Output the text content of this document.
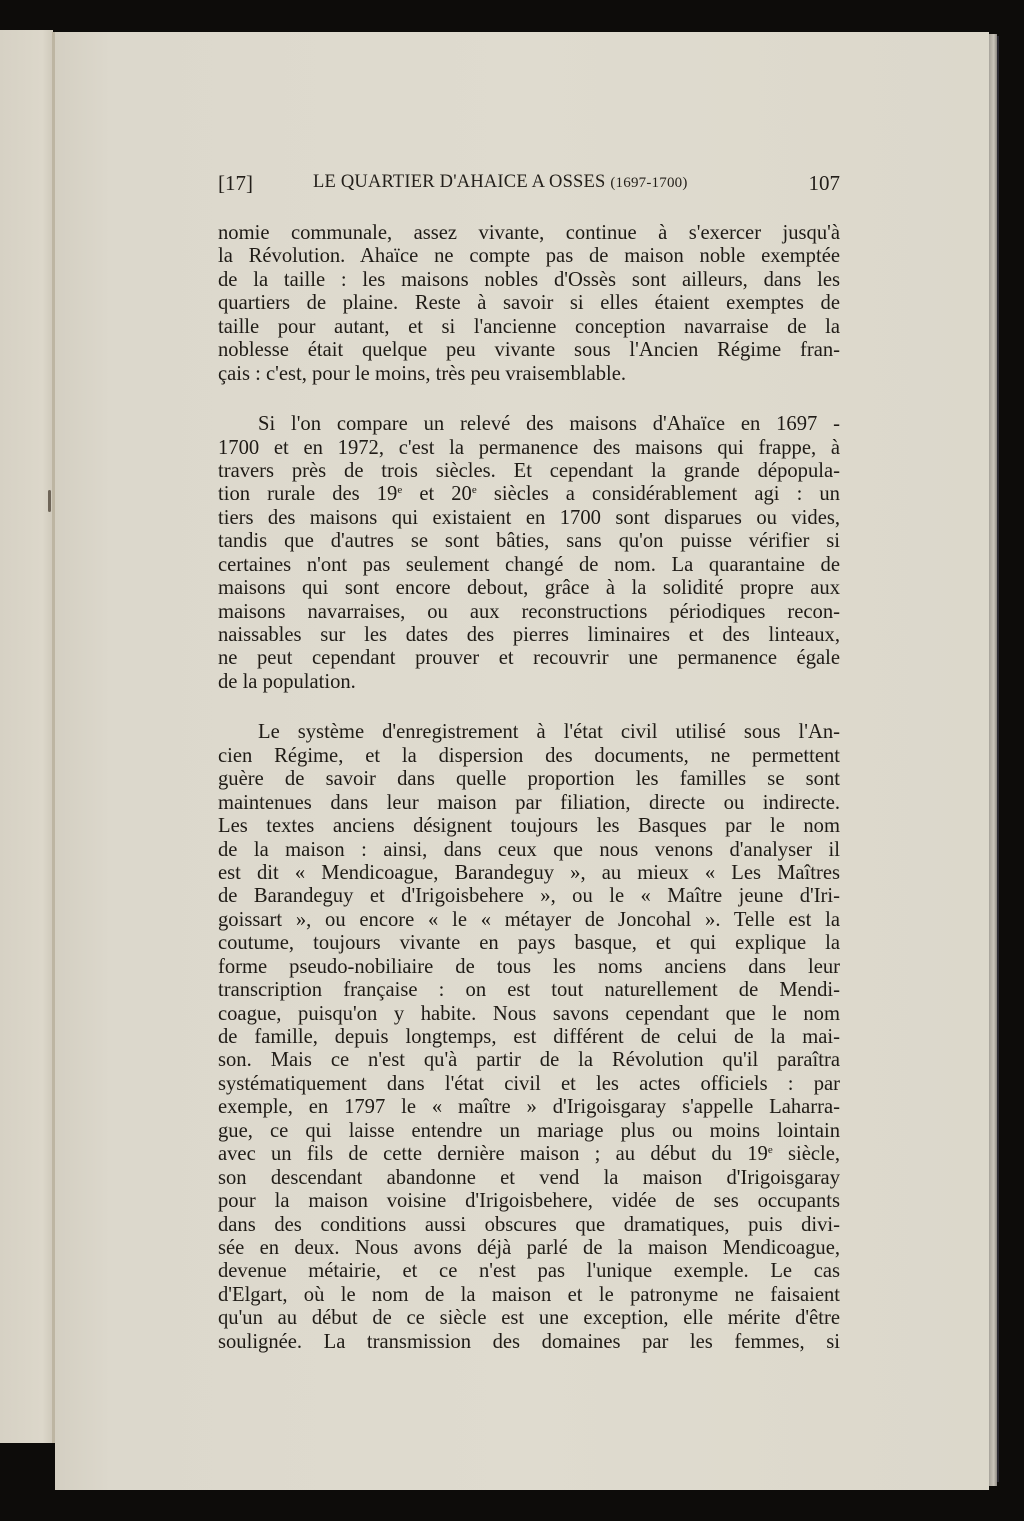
[17]	LE QUARTIER D'AHAICE A OSSES (1697-1700)	107
nomie communale, assez vivante, continue à s'exercer jusqu'à
la Révolution. Ahaïce ne compte pas de maison noble exemptée
de la taille : les maisons nobles d'Ossès sont ailleurs, dans les
quartiers de plaine. Reste à savoir si elles étaient exemptes de
taille pour autant, et si l'ancienne conception navarraise de la
noblesse était quelque peu vivante sous l'Ancien Régime fran-
çais : c'est, pour le moins, très peu vraisemblable.
Si l'on compare un relevé des maisons d'Ahaïce en 1697 -
1700 et en 1972, c'est la permanence des maisons qui frappe, à
travers près de trois siècles. Et cependant la grande dépopula-
tion rurale des 19e et 20e siècles a considérablement agi : un
tiers des maisons qui existaient en 1700 sont disparues ou vides,
tandis que d'autres se sont bâties, sans qu'on puisse vérifier si
certaines n'ont pas seulement changé de nom. La quarantaine de
maisons qui sont encore debout, grâce à la solidité propre aux
maisons navarraises, ou aux reconstructions périodiques recon-
naissables sur les dates des pierres liminaires et des linteaux,
ne peut cependant prouver et recouvrir une permanence égale
de la population.
Le système d'enregistrement à l'état civil utilisé sous l'An-
cien Régime, et la dispersion des documents, ne permettent
guère de savoir dans quelle proportion les familles se sont
maintenues dans leur maison par filiation, directe ou indirecte.
Les textes anciens désignent toujours les Basques par le nom
de la maison : ainsi, dans ceux que nous venons d'analyser il
est dit « Mendicoague, Barandeguy », au mieux « Les Maîtres
de Barandeguy et d'Irigoisbehere », ou le « Maître jeune d'Iri-
goissart », ou encore « le « métayer de Joncohal ». Telle est la
coutume, toujours vivante en pays basque, et qui explique la
forme pseudo-nobiliaire de tous les noms anciens dans leur
transcription française : on est tout naturellement de Mendi-
coague, puisqu'on y habite. Nous savons cependant que le nom
de famille, depuis longtemps, est différent de celui de la mai-
son. Mais ce n'est qu'à partir de la Révolution qu'il paraîtra
systématiquement dans l'état civil et les actes officiels : par
exemple, en 1797 le « maître » d'Irigoisgaray s'appelle Laharra-
gue, ce qui laisse entendre un mariage plus ou moins lointain
avec un fils de cette dernière maison ; au début du 19e siècle,
son descendant abandonne et vend la maison d'Irigoisgaray
pour la maison voisine d'Irigoisbehere, vidée de ses occupants
dans des conditions aussi obscures que dramatiques, puis divi-
sée en deux. Nous avons déjà parlé de la maison Mendicoague,
devenue métairie, et ce n'est pas l'unique exemple. Le cas
d'Elgart, où le nom de la maison et le patronyme ne faisaient
qu'un au début de ce siècle est une exception, elle mérite d'être
soulignée. La transmission des domaines par les femmes, si
